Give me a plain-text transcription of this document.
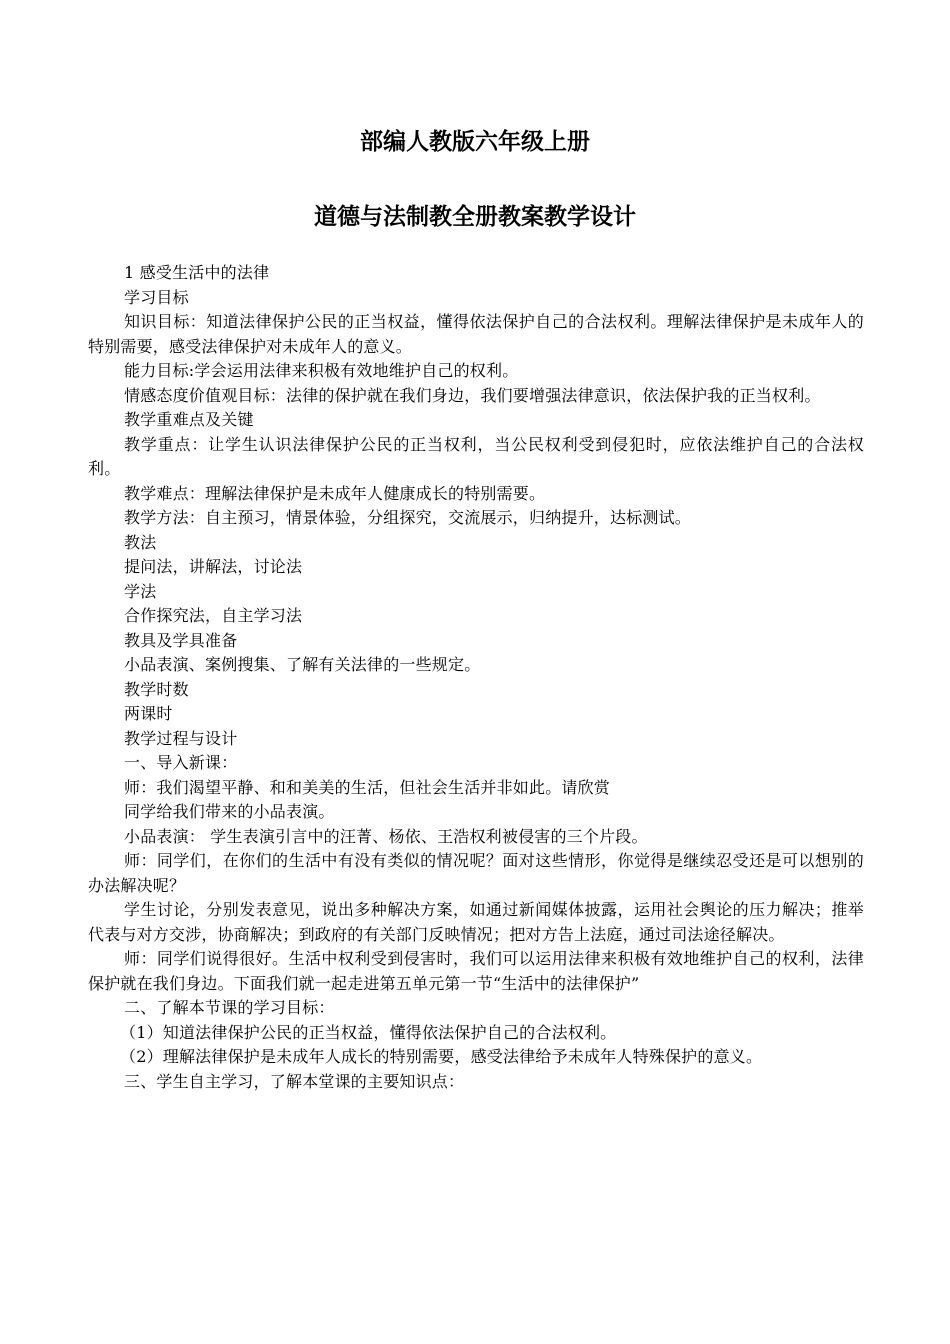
部编人教版六年级上册
道德与法制教全册教案教学设计

1 感受生活中的法律

学习目标

知识目标：知道法律保护公民的正当权益，懂得依法保护自己的合法权利。理解法律保护是未成年人的特别需要，感受法律保护对未成年人的意义。

能力目标:学会运用法律来积极有效地维护自己的权利。

情感态度价值观目标：法律的保护就在我们身边，我们要增强法律意识，依法保护我的正当权利。

教学重难点及关键

教学重点：让学生认识法律保护公民的正当权利，当公民权利受到侵犯时，应依法维护自己的合法权利。

教学难点：理解法律保护是未成年人健康成长的特别需要。

教学方法：自主预习，情景体验，分组探究，交流展示，归纳提升，达标测试。

教法

提问法，讲解法，讨论法

学法

合作探究法，自主学习法

教具及学具准备

小品表演、案例搜集、了解有关法律的一些规定。

教学时数

两课时

教学过程与设计

一、导入新课：

师：我们渴望平静、和和美美的生活，但社会生活并非如此。请欣赏

同学给我们带来的小品表演。

小品表演： 学生表演引言中的汪菁、杨依、王浩权利被侵害的三个片段。

师：同学们，在你们的生活中有没有类似的情况呢？面对这些情形，你觉得是继续忍受还是可以想别的办法解决呢？

学生讨论，分别发表意见，说出多种解决方案，如通过新闻媒体披露，运用社会舆论的压力解决；推举代表与对方交涉，协商解决；到政府的有关部门反映情况；把对方告上法庭，通过司法途径解决。

师：同学们说得很好。生活中权利受到侵害时，我们可以运用法律来积极有效地维护自己的权利，法律保护就在我们身边。下面我们就一起走进第五单元第一节“生活中的法律保护”

二、了解本节课的学习目标：

（1）知道法律保护公民的正当权益，懂得依法保护自己的合法权利。

（2）理解法律保护是未成年人成长的特别需要，感受法律给予未成年人特殊保护的意义。

三、学生自主学习，了解本堂课的主要知识点：
